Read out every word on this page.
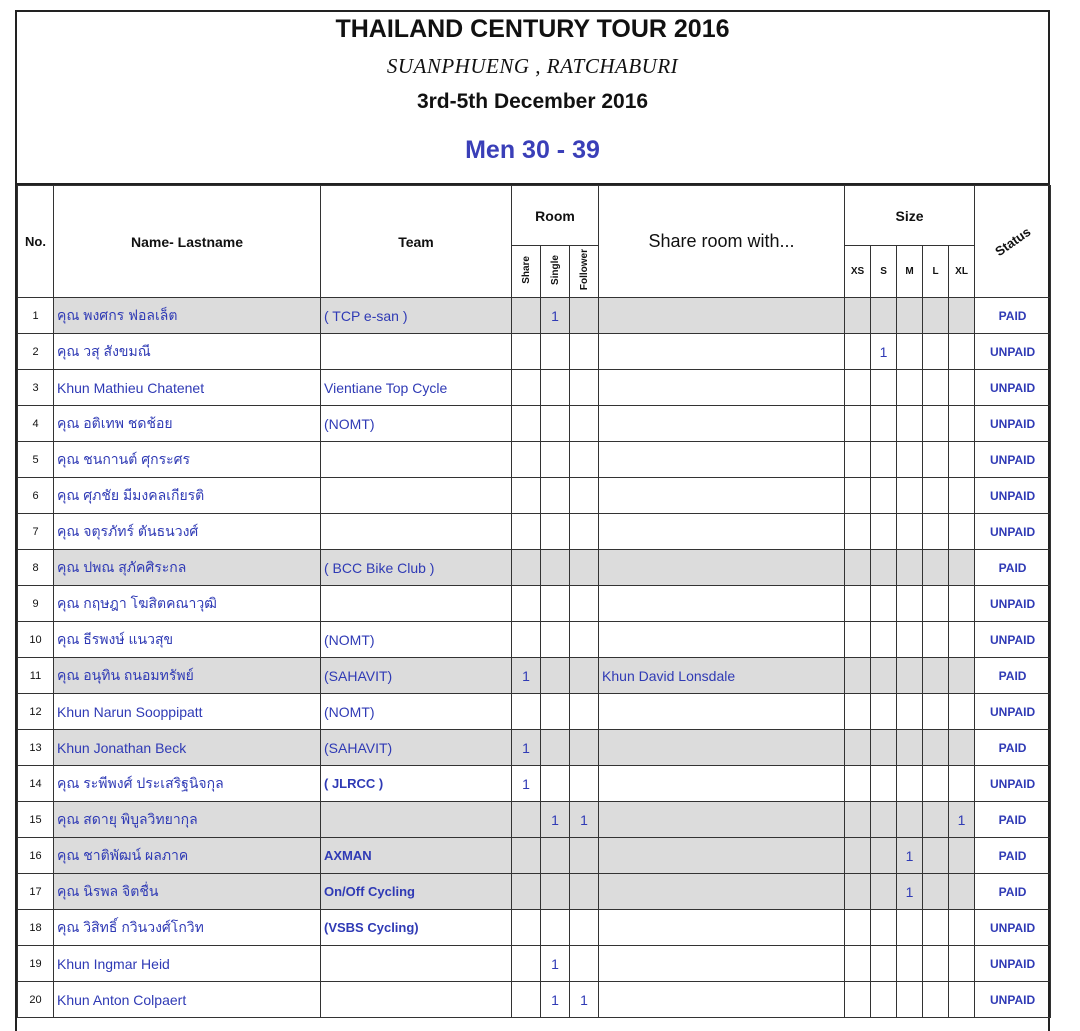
THAILAND CENTURY TOUR 2016
SUANPHUENG , RATCHABURI
3rd-5th December 2016
Men 30 - 39
No.	Name- Lastname	Team	Room			Share room with...	Size					Status
			Share	Single	Follower		XS	S	M	L	XL	
1	คุณ พงศกร ฟอลเล็ต	( TCP e-san )		1								PAID
2	คุณ วสุ สังขมณี							1				UNPAID
3	Khun Mathieu Chatenet	Vientiane Top Cycle										UNPAID
4	คุณ อติเทพ ชดช้อย	(NOMT)										UNPAID
5	คุณ ชนกานต์ ศุกระศร											UNPAID
6	คุณ ศุภชัย มีมงคลเกียรติ											UNPAID
7	คุณ จตุรภัทร์ ตันธนวงศ์											UNPAID
8	คุณ ปพณ สุภัคศิระกล	( BCC Bike Club )										PAID
9	คุณ กฤษฎา โฆสิตคณาวุฒิ											UNPAID
10	คุณ ธีรพงษ์ แนวสุข	(NOMT)										UNPAID
11	คุณ อนุทิน ถนอมทรัพย์	(SAHAVIT)	1			Khun David Lonsdale						PAID
12	Khun Narun Sooppipatt	(NOMT)										UNPAID
13	Khun Jonathan Beck	(SAHAVIT)	1									PAID
14	คุณ ระพีพงศ์ ประเสริฐนิจกุล	( JLRCC )	1									UNPAID
15	คุณ สดายุ พิบูลวิทยากุล			1	1						1	PAID
16	คุณ ชาติพัฒน์ ผลภาค	AXMAN							1			PAID
17	คุณ นิรพล จิตชื่น	On/Off Cycling							1			PAID
18	คุณ วิสิทธิ์ กวินวงศ์โกวิท	(VSBS Cycling)										UNPAID
19	Khun Ingmar Heid			1								UNPAID
20	Khun Anton Colpaert			1	1							UNPAID
